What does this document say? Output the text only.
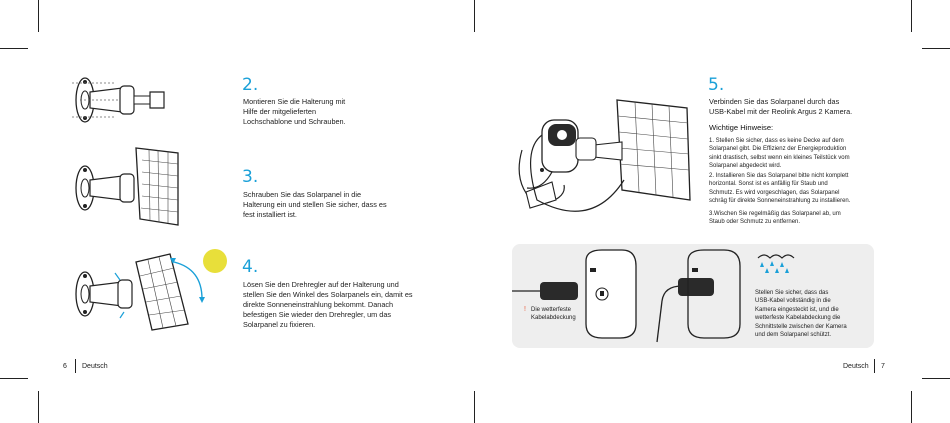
2.
Montieren Sie die Halterung mit
Hilfe der mitgelieferten
Lochschablone und Schrauben.
3.
Schrauben Sie das Solarpanel in die
Halterung ein und stellen Sie sicher, dass es
fest installiert ist.
4.
Lösen Sie den Drehregler auf der Halterung und
stellen Sie den Winkel des Solarpanels ein, damit es
direkte Sonneneinstrahlung bekommt. Danach
befestigen Sie wieder den Drehregler, um das
Solarpanel zu fixieren.
6 Deutsch
5.
Verbinden Sie das Solarpanel durch das
USB-Kabel mit der Reolink Argus 2 Kamera.
Wichtige Hinweise:
1. Stellen Sie sicher, dass es keine Decke auf dem
Solarpanel gibt. Die Effizienz der Energieproduktion
sinkt drastisch, selbst wenn ein kleines Teilstück vom
Solarpanel abgedeckt wird.
2. Installieren Sie das Solarpanel bitte nicht komplett
horizontal. Sonst ist es anfällig für Staub und
Schmutz. Es wird vorgeschlagen, das Solarpanel
schräg für direkte Sonneneinstrahlung zu installieren.
3.Wischen Sie regelmäßig das Solarpanel ab, um
Staub oder Schmutz zu entfernen.
! Die wetterfeste
Kabelabdeckung
Stellen Sie sicher, dass das
USB-Kabel vollständig in die
Kamera eingesteckt ist, und die
wetterfeste Kabelabdeckung die
Schnittstelle zwischen der Kamera
und dem Solarpanel schützt.
Deutsch 7
